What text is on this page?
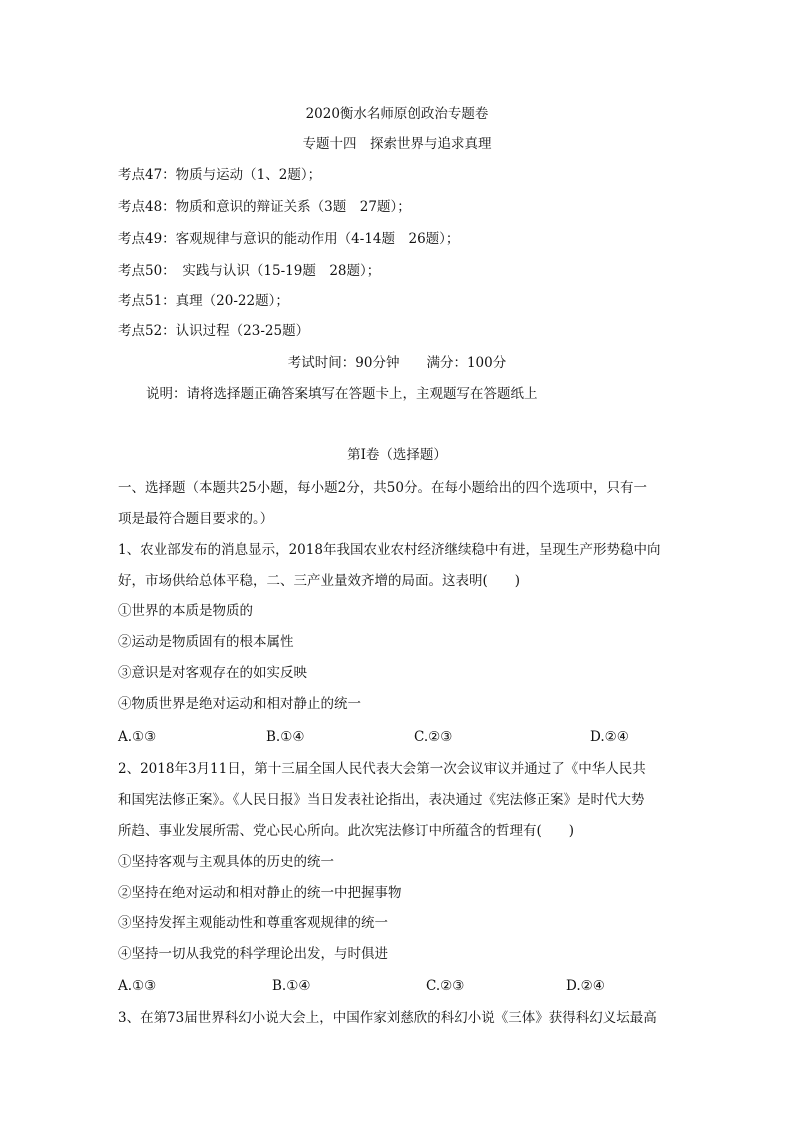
2020衡水名师原创政治专题卷
专题十四　探索世界与追求真理
考点47：物质与运动（1、2题）；
考点48：物质和意识的辩证关系（3题　27题）；
考点49：客观规律与意识的能动作用（4-14题　26题）；
考点50：　实践与认识（15-19题　28题）；
考点51：真理（20-22题）；
考点52：认识过程（23-25题）
考试时间：90分钟　　满分：100分
说明：请将选择题正确答案填写在答题卡上，主观题写在答题纸上
第Ⅰ卷（选择题）
一、选择题（本题共25小题，每小题2分，共50分。在每小题给出的四个选项中，只有一
项是最符合题目要求的。）
1、农业部发布的消息显示，2018年我国农业农村经济继续稳中有进，呈现生产形势稳中向
好，市场供给总体平稳，二、三产业量效齐增的局面。这表明(　　)
①世界的本质是物质的
②运动是物质固有的根本属性
③意识是对客观存在的如实反映
④物质世界是绝对运动和相对静止的统一
A.①③	B.①④	C.②③	D.②④
2、2018年3月11日，第十三届全国人民代表大会第一次会议审议并通过了《中华人民共
和国宪法修正案》。《人民日报》当日发表社论指出，表决通过《宪法修正案》是时代大势
所趋、事业发展所需、党心民心所向。此次宪法修订中所蕴含的哲理有(　　)
①坚持客观与主观具体的历史的统一
②坚持在绝对运动和相对静止的统一中把握事物
③坚持发挥主观能动性和尊重客观规律的统一
④坚持一切从我党的科学理论出发，与时俱进
A.①③	B.①④	C.②③	D.②④
3、在第73届世界科幻小说大会上，中国作家刘慈欣的科幻小说《三体》获得科幻义坛最高
